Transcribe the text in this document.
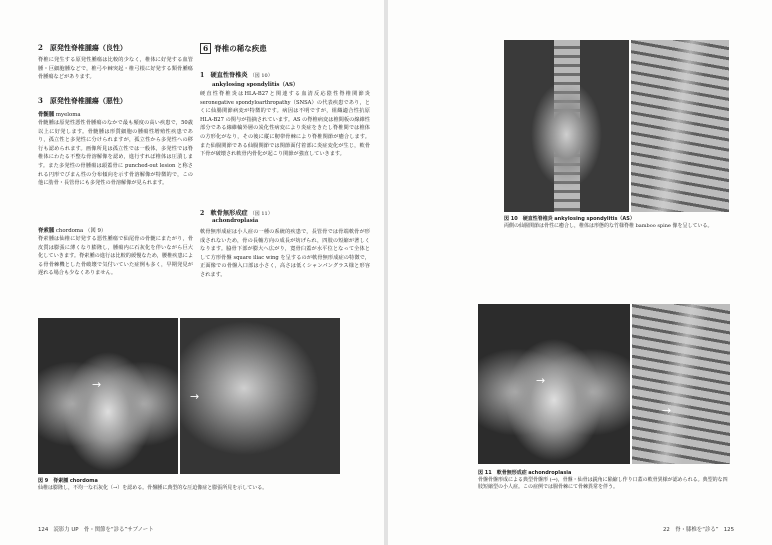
2　原発性脊椎腫瘍（良性）
脊椎に発生する原発性腫瘍は比較的少なく，椎体に好発する血管腫・巨細胞腫などで，椎弓や棘突起・椎弓根に好発する類骨腫瘍骨腫瘍などがあります。
3　原発性脊椎腫瘍（悪性）
骨髄腫 myeloma
骨髄腫は原発性悪性骨腫瘍のなかで最も頻度の高い疾患で，50歳以上に好発します。骨髄腫は形質細胞の腫瘍性増殖性疾患であり，孤立性と多発性に分けられますが，孤立性から多発性への移行も認められます。画像所見は孤立性では一般体，多発性では脊椎体にわたる不整な骨溶解像を認め，進行すれば椎体は圧潰します。また多発性の骨腫瘍は頭蓋骨に punched-out lesion と称される円形でびまん性の分布傾向を示す骨溶解像が特徴的で，この他に肋骨・長管骨にも多発性の骨溶解像が見られます。
脊索腫 chordoma （図 9）
脊索腫は仙椎に好発する悪性腫瘍で仙尾骨の骨髄にまたがり，骨皮質は膨張に薄くなり膨隆し，腫瘍内に石灰化を伴いながら巨大化していきます。脊索腫の進行は比較的緩慢なため，腰椎疾患による骨骨棘機とした骨破壊で気付いていた症例も多く，早期発見が遅れる場合も少なくありません。
→
→
図 9　脊索腫 chordoma
仙椎は膨隆し，不均一な石灰化（→）を認める。骨盤腫に典型的な圧迫像症と膨張所見を示している。
124 読影力 UP　骨・関節を“診る”サブノート
図 10　硬直性脊椎炎 ankylosing spondylitis（AS）
両側の仙腸関節は骨性に癒合し，椎体は形態的な竹様脊椎 bamboo spine 像を呈している。
→
→
図 11　軟骨無形成症 achondroplasia
骨盤骨盤形成による典型骨盤形 (→)，骨盤・仙骨は鋭角に陥縮し作り口蓋の軟骨異様が認められる。典型的な四肢短縮型の小人症。この症例では腸骨棘にて骨棘異常を伴う。
22　脊・膝椎を“診る” 125
6 脊椎の稀な疾患
1　硬直性脊椎炎 （図 10）
ankylosing spondylitis（AS）
硬直性脊椎炎はHLA-B27と関連する血清反応陰性脊椎関節炎 seronegative spondyloarthropathy（SNSA）の代表疾患であり，とくに仙腸関節病変が特徴的です。病因は不明ですが，組織適合性抗原 HLA-B27 の関与が指摘されています。AS の脊椎病変は椎間板の線維性部分である線維輪外層の炭化性病変により炎症をきたし脊椎間では椎体の方形化がなり，その後に縦に靭帯骨棘により脊椎関節が癒合します。また仙腸関節である仙腸関節では関節面付着部に炎症変化が生じ，軟骨下骨が破壊され軟骨内骨化が起こり関節が強直していきます。
2　軟骨無形成症 （図 11）
achondroplasia
軟骨無形成症は小人症の一種の系統的疾患で，長管骨では骨端軟骨が形成されないため，骨の長軸方向の成長が妨げられ，四肢の短縮が著しくなります。脇骨下部が膨大へ広がり，寛骨臼蓋が水平位となって全体として方形骨盤 square iliac wing を呈するのが軟骨無形成症の特徴で，正面像での骨盤入口部は小さく，高さは低くシャンパングラス様と形容されます。
